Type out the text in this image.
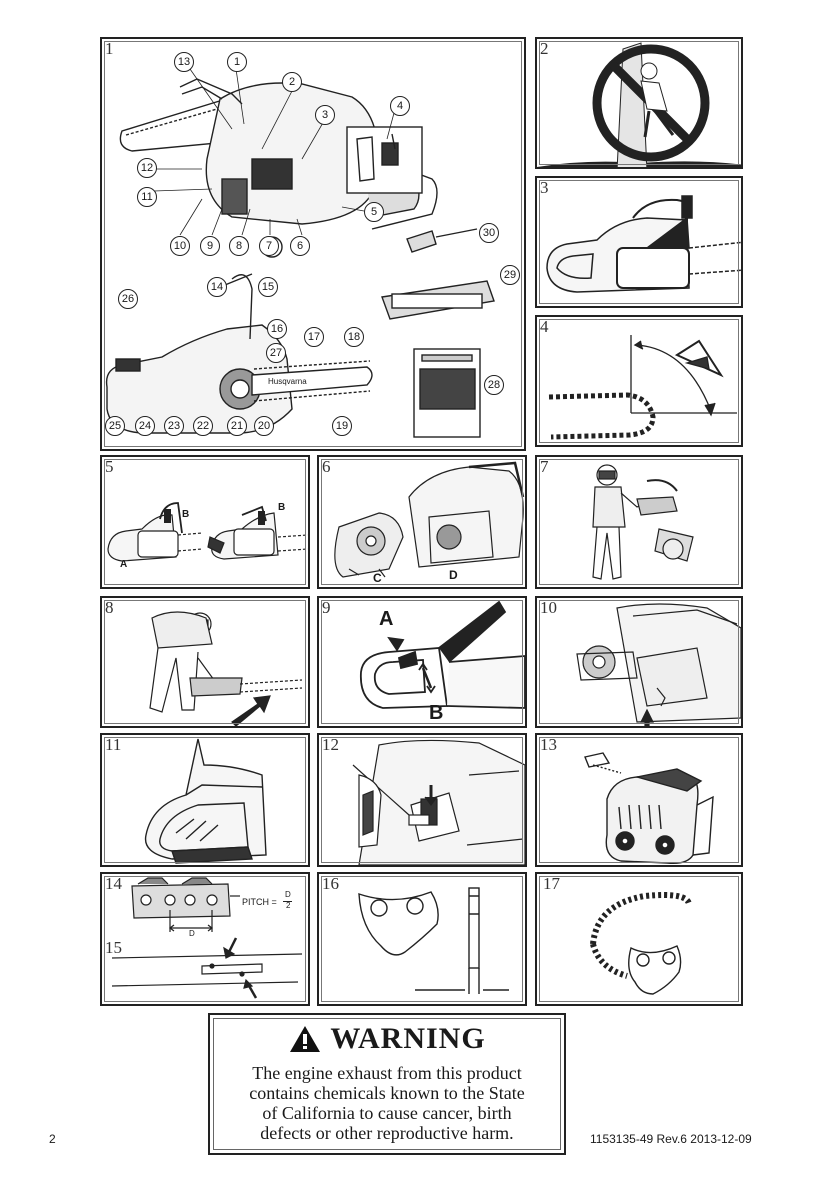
1
13	1
2
3
4
12
11
5
10	9	8	7	6
30
29
14	15
26
16
17	18
27
28
25	24	23	22	21	20	19
Husqvarna
2
3
4
5
A
B
B
6
C	D
7
8	9
A
B
10
11	12	13
14
15
PITCH =
D
2
D
16	17
WARNING
The engine exhaust from this product
contains chemicals known to the State
of California to cause cancer, birth
defects or other reproductive harm.
2	1153135-49 Rev.6 2013-12-09
